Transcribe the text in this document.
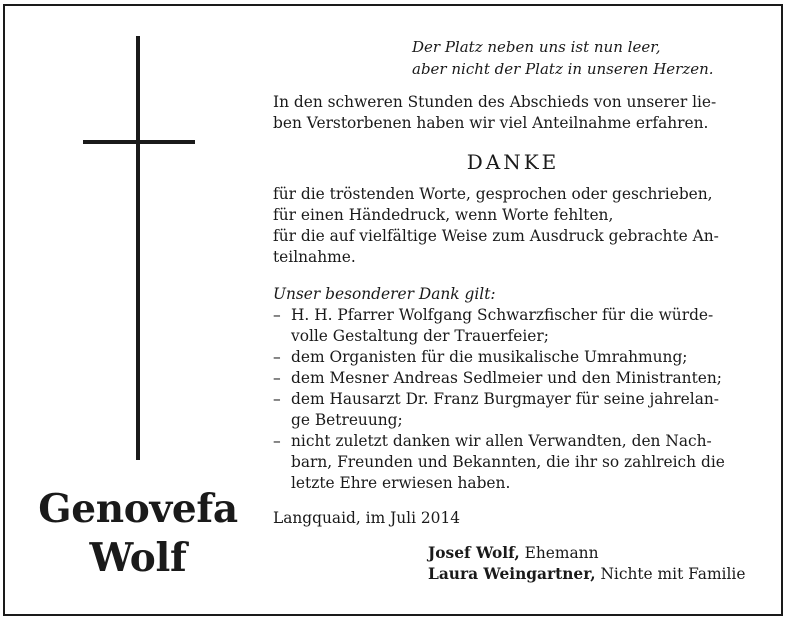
Genovefa
Wolf
Der Platz neben uns ist nun leer,
aber nicht der Platz in unseren Herzen.
In den schweren Stunden des Abschieds von unserer lie-
ben Verstorbenen haben wir viel Anteilnahme erfahren.
DANKE
für die tröstenden Worte, gesprochen oder geschrieben,
für einen Händedruck, wenn Worte fehlten,
für die auf vielfältige Weise zum Ausdruck gebrachte An-
teilnahme.
Unser besonderer Dank gilt:
– H. H. Pfarrer Wolfgang Schwarzfischer für die würde-
volle Gestaltung der Trauerfeier;
– dem Organisten für die musikalische Umrahmung;
– dem Mesner Andreas Sedlmeier und den Ministranten;
– dem Hausarzt Dr. Franz Burgmayer für seine jahrelan-
ge Betreuung;
– nicht zuletzt danken wir allen Verwandten, den Nach-
barn, Freunden und Bekannten, die ihr so zahlreich die
letzte Ehre erwiesen haben.
Langquaid, im Juli 2014
Josef Wolf, Ehemann
Laura Weingartner, Nichte mit Familie
